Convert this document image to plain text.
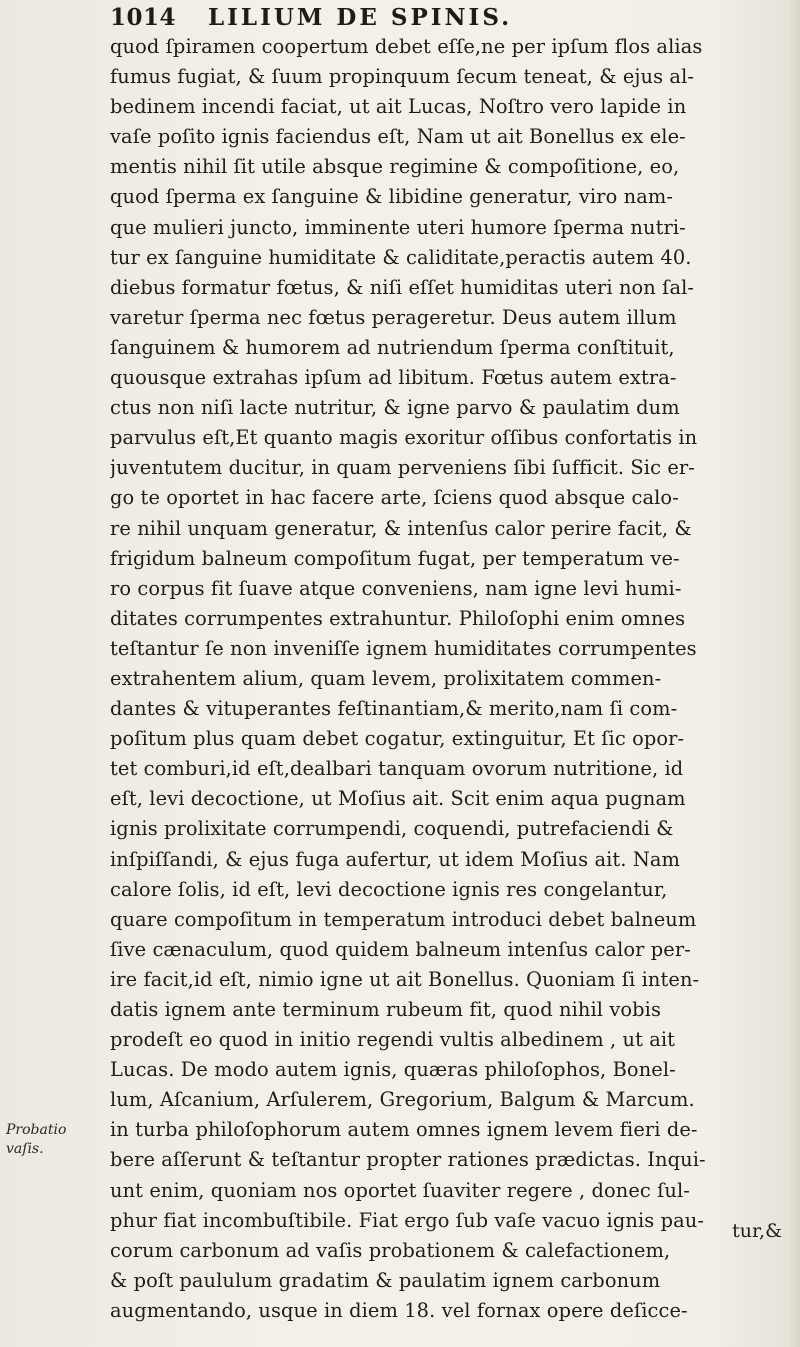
1014 LILIUM DE SPINIS.
Probatio
vaſis.
quod ſpiramen coopertum debet eſſe,ne per ipſum flos alias
fumus fugiat, & ſuum propinquum ſecum teneat, & ejus al-
bedinem incendi faciat, ut ait Lucas, Noſtro vero lapide in
vaſe poſito ignis faciendus eſt, Nam ut ait Bonellus ex ele-
mentis nihil ſit utile absque regimine & compoſitione, eo,
quod ſperma ex ſanguine & libidine generatur, viro nam-
que mulieri juncto, imminente uteri humore ſperma nutri-
tur ex ſanguine humiditate & caliditate,peractis autem 40.
diebus formatur fœtus, & niſi eſſet humiditas uteri non ſal-
varetur ſperma nec fœtus perageretur. Deus autem illum
ſanguinem & humorem ad nutriendum ſperma conſtituit,
quousque extrahas ipſum ad libitum. Fœtus autem extra-
ctus non niſi lacte nutritur, & igne parvo & paulatim dum
parvulus eſt,Et quanto magis exoritur oſſibus confortatis in
juventutem ducitur, in quam perveniens ſibi ſufficit. Sic er-
go te oportet in hac facere arte, ſciens quod absque calo-
re nihil unquam generatur, & intenſus calor perire facit, &
frigidum balneum compoſitum fugat, per temperatum ve-
ro corpus fit ſuave atque conveniens, nam igne levi humi-
ditates corrumpentes extrahuntur. Philoſophi enim omnes
teſtantur ſe non inveniſſe ignem humiditates corrumpentes
extrahentem alium, quam levem, prolixitatem commen-
dantes & vituperantes feſtinantiam,& merito,nam ſi com-
poſitum plus quam debet cogatur, extinguitur, Et ſic opor-
tet comburi,id eſt,dealbari tanquam ovorum nutritione, id
eſt, levi decoctione, ut Moſius ait. Scit enim aqua pugnam
ignis prolixitate corrumpendi, coquendi, putrefaciendi &
inſpiſſandi, & ejus fuga aufertur, ut idem Moſius ait. Nam
calore ſolis, id eſt, levi decoctione ignis res congelantur,
quare compoſitum in temperatum introduci debet balneum
ſive cænaculum, quod quidem balneum intenſus calor per-
ire facit,id eſt, nimio igne ut ait Bonellus. Quoniam ſi inten-
datis ignem ante terminum rubeum fit, quod nihil vobis
prodeſt eo quod in initio regendi vultis albedinem , ut ait
Lucas. De modo autem ignis, quæras philoſophos, Bonel-
lum, Aſcanium, Arſulerem, Gregorium, Balgum & Marcum.
in turba philoſophorum autem omnes ignem levem fieri de-
bere aſſerunt & teſtantur propter rationes prædictas. Inqui-
unt enim, quoniam nos oportet ſuaviter regere , donec ſul-
phur fiat incombuſtibile. Fiat ergo ſub vaſe vacuo ignis pau-
corum carbonum ad vaſis probationem & calefactionem,
& poſt paululum gradatim & paulatim ignem carbonum
augmentando, usque in diem 18. vel fornax opere deſicce-
tur,&
